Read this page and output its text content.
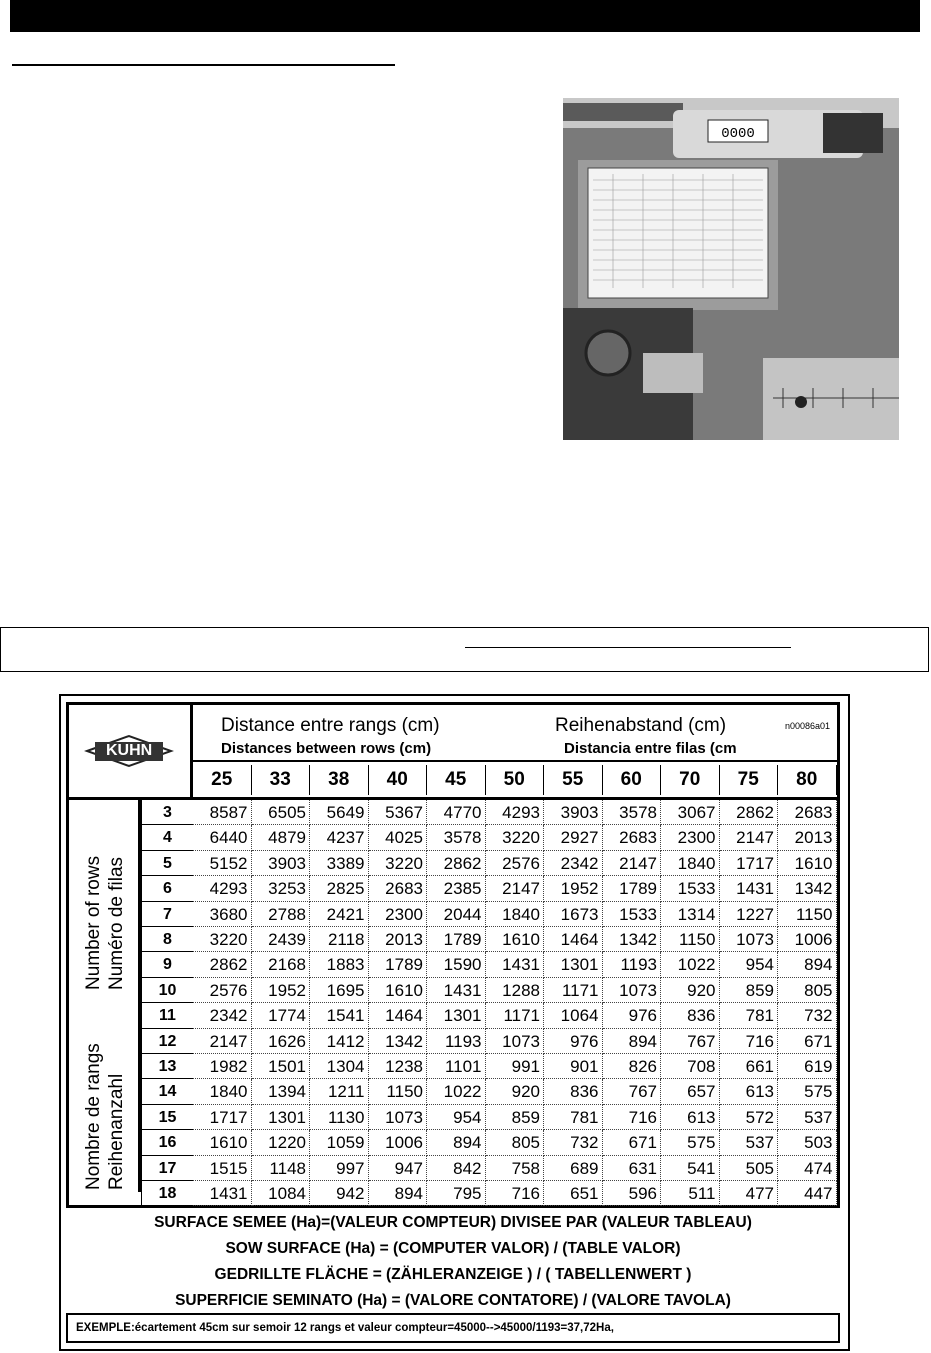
0000
KUHN
Distance entre rangs (cm)	Reihenabstand (cm)	n00086a01
Distances between rows (cm)	Distancia entre filas (cm
25	33	38	40	45	50	55	60	70	75	80
Number of rows Numéro de filas
Nombre de rangs Reihenanzahl
3	8587	6505	5649	5367	4770	4293	3903	3578	3067	2862	2683
4	6440	4879	4237	4025	3578	3220	2927	2683	2300	2147	2013
5	5152	3903	3389	3220	2862	2576	2342	2147	1840	1717	1610
6	4293	3253	2825	2683	2385	2147	1952	1789	1533	1431	1342
7	3680	2788	2421	2300	2044	1840	1673	1533	1314	1227	1150
8	3220	2439	2118	2013	1789	1610	1464	1342	1150	1073	1006
9	2862	2168	1883	1789	1590	1431	1301	1193	1022	954	894
10	2576	1952	1695	1610	1431	1288	1171	1073	920	859	805
11	2342	1774	1541	1464	1301	1171	1064	976	836	781	732
12	2147	1626	1412	1342	1193	1073	976	894	767	716	671
13	1982	1501	1304	1238	1101	991	901	826	708	661	619
14	1840	1394	1211	1150	1022	920	836	767	657	613	575
15	1717	1301	1130	1073	954	859	781	716	613	572	537
16	1610	1220	1059	1006	894	805	732	671	575	537	503
17	1515	1148	997	947	842	758	689	631	541	505	474
18	1431	1084	942	894	795	716	651	596	511	477	447
SURFACE SEMEE (Ha)=(VALEUR COMPTEUR) DIVISEE PAR (VALEUR TABLEAU)
SOW SURFACE (Ha) = (COMPUTER VALOR) / (TABLE VALOR)
GEDRILLTE FLÄCHE = (ZÄHLERANZEIGE ) / ( TABELLENWERT )
SUPERFICIE SEMINATO (Ha) = (VALORE CONTATORE) / (VALORE TAVOLA)
EXEMPLE:écartement 45cm sur semoir 12 rangs et valeur compteur=45000-->45000/1193=37,72Ha,
